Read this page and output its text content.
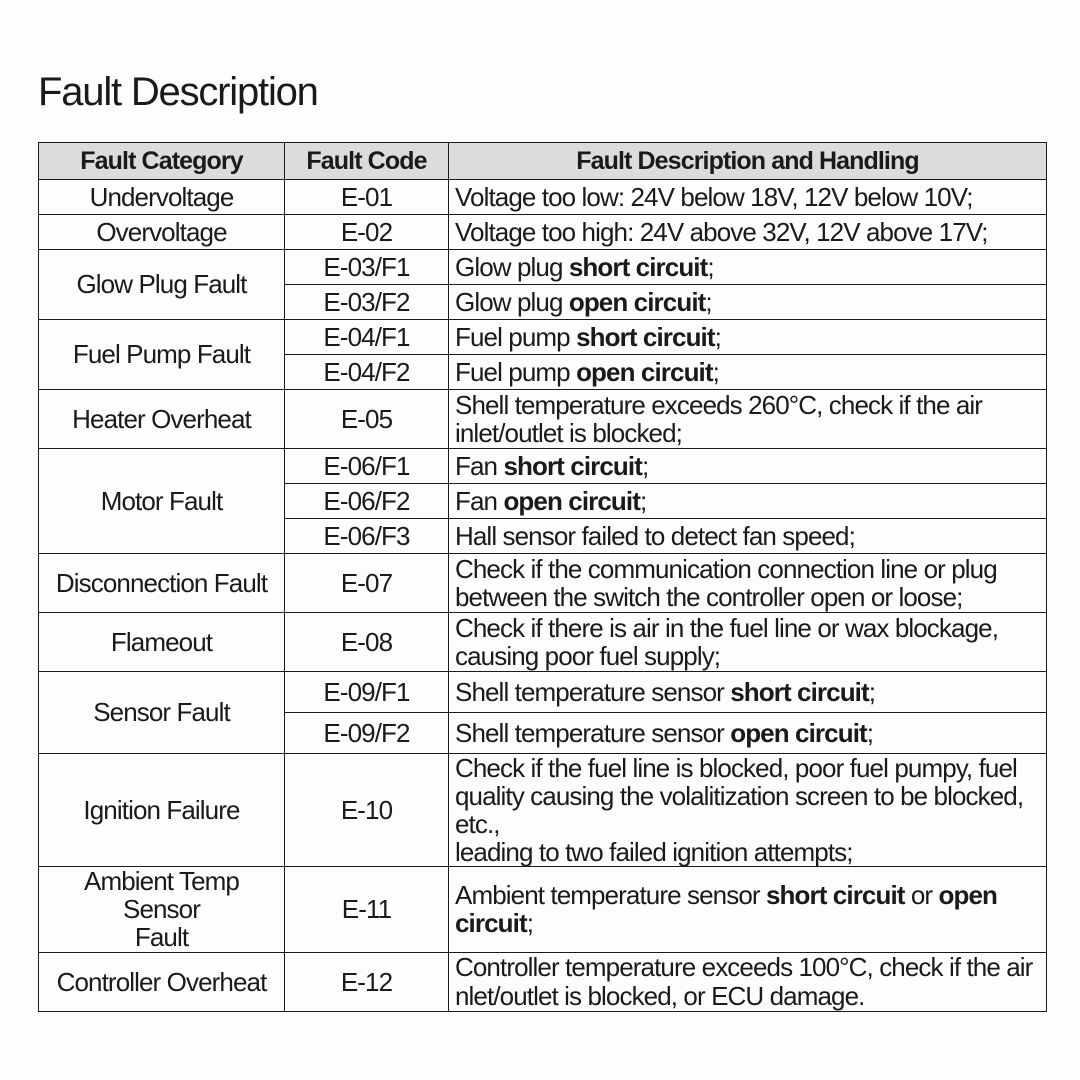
Fault Description
Fault Category	Fault Code	Fault Description and Handling
Undervoltage	E-01	Voltage too low: 24V below 18V, 12V below 10V;
Overvoltage	E-02	Voltage too high: 24V above 32V, 12V above 17V;
Glow Plug Fault	E-03/F1	Glow plug short circuit;
	E-03/F2	Glow plug open circuit;
Fuel Pump Fault	E-04/F1	Fuel pump short circuit;
	E-04/F2	Fuel pump open circuit;
Heater Overheat	E-05	Shell temperature exceeds 260°C, check if the air
inlet/outlet is blocked;
Motor Fault	E-06/F1	Fan short circuit;
	E-06/F2	Fan open circuit;
	E-06/F3	Hall sensor failed to detect fan speed;
Disconnection Fault	E-07	Check if the communication connection line or plug
between the switch the controller open or loose;
Flameout	E-08	Check if there is air in the fuel line or wax blockage,
causing poor fuel supply;
Sensor Fault	E-09/F1	Shell temperature sensor short circuit;
	E-09/F2	Shell temperature sensor open circuit;
Ignition Failure	E-10	Check if the fuel line is blocked, poor fuel pumpy, fuel
quality causing the volalitization screen to be blocked, etc.,
leading to two failed ignition attempts;
Ambient Temp Sensor
Fault	E-11	Ambient temperature sensor short circuit or open
circuit;
Controller Overheat	E-12	Controller temperature exceeds 100°C, check if the air
nlet/outlet is blocked, or ECU damage.
